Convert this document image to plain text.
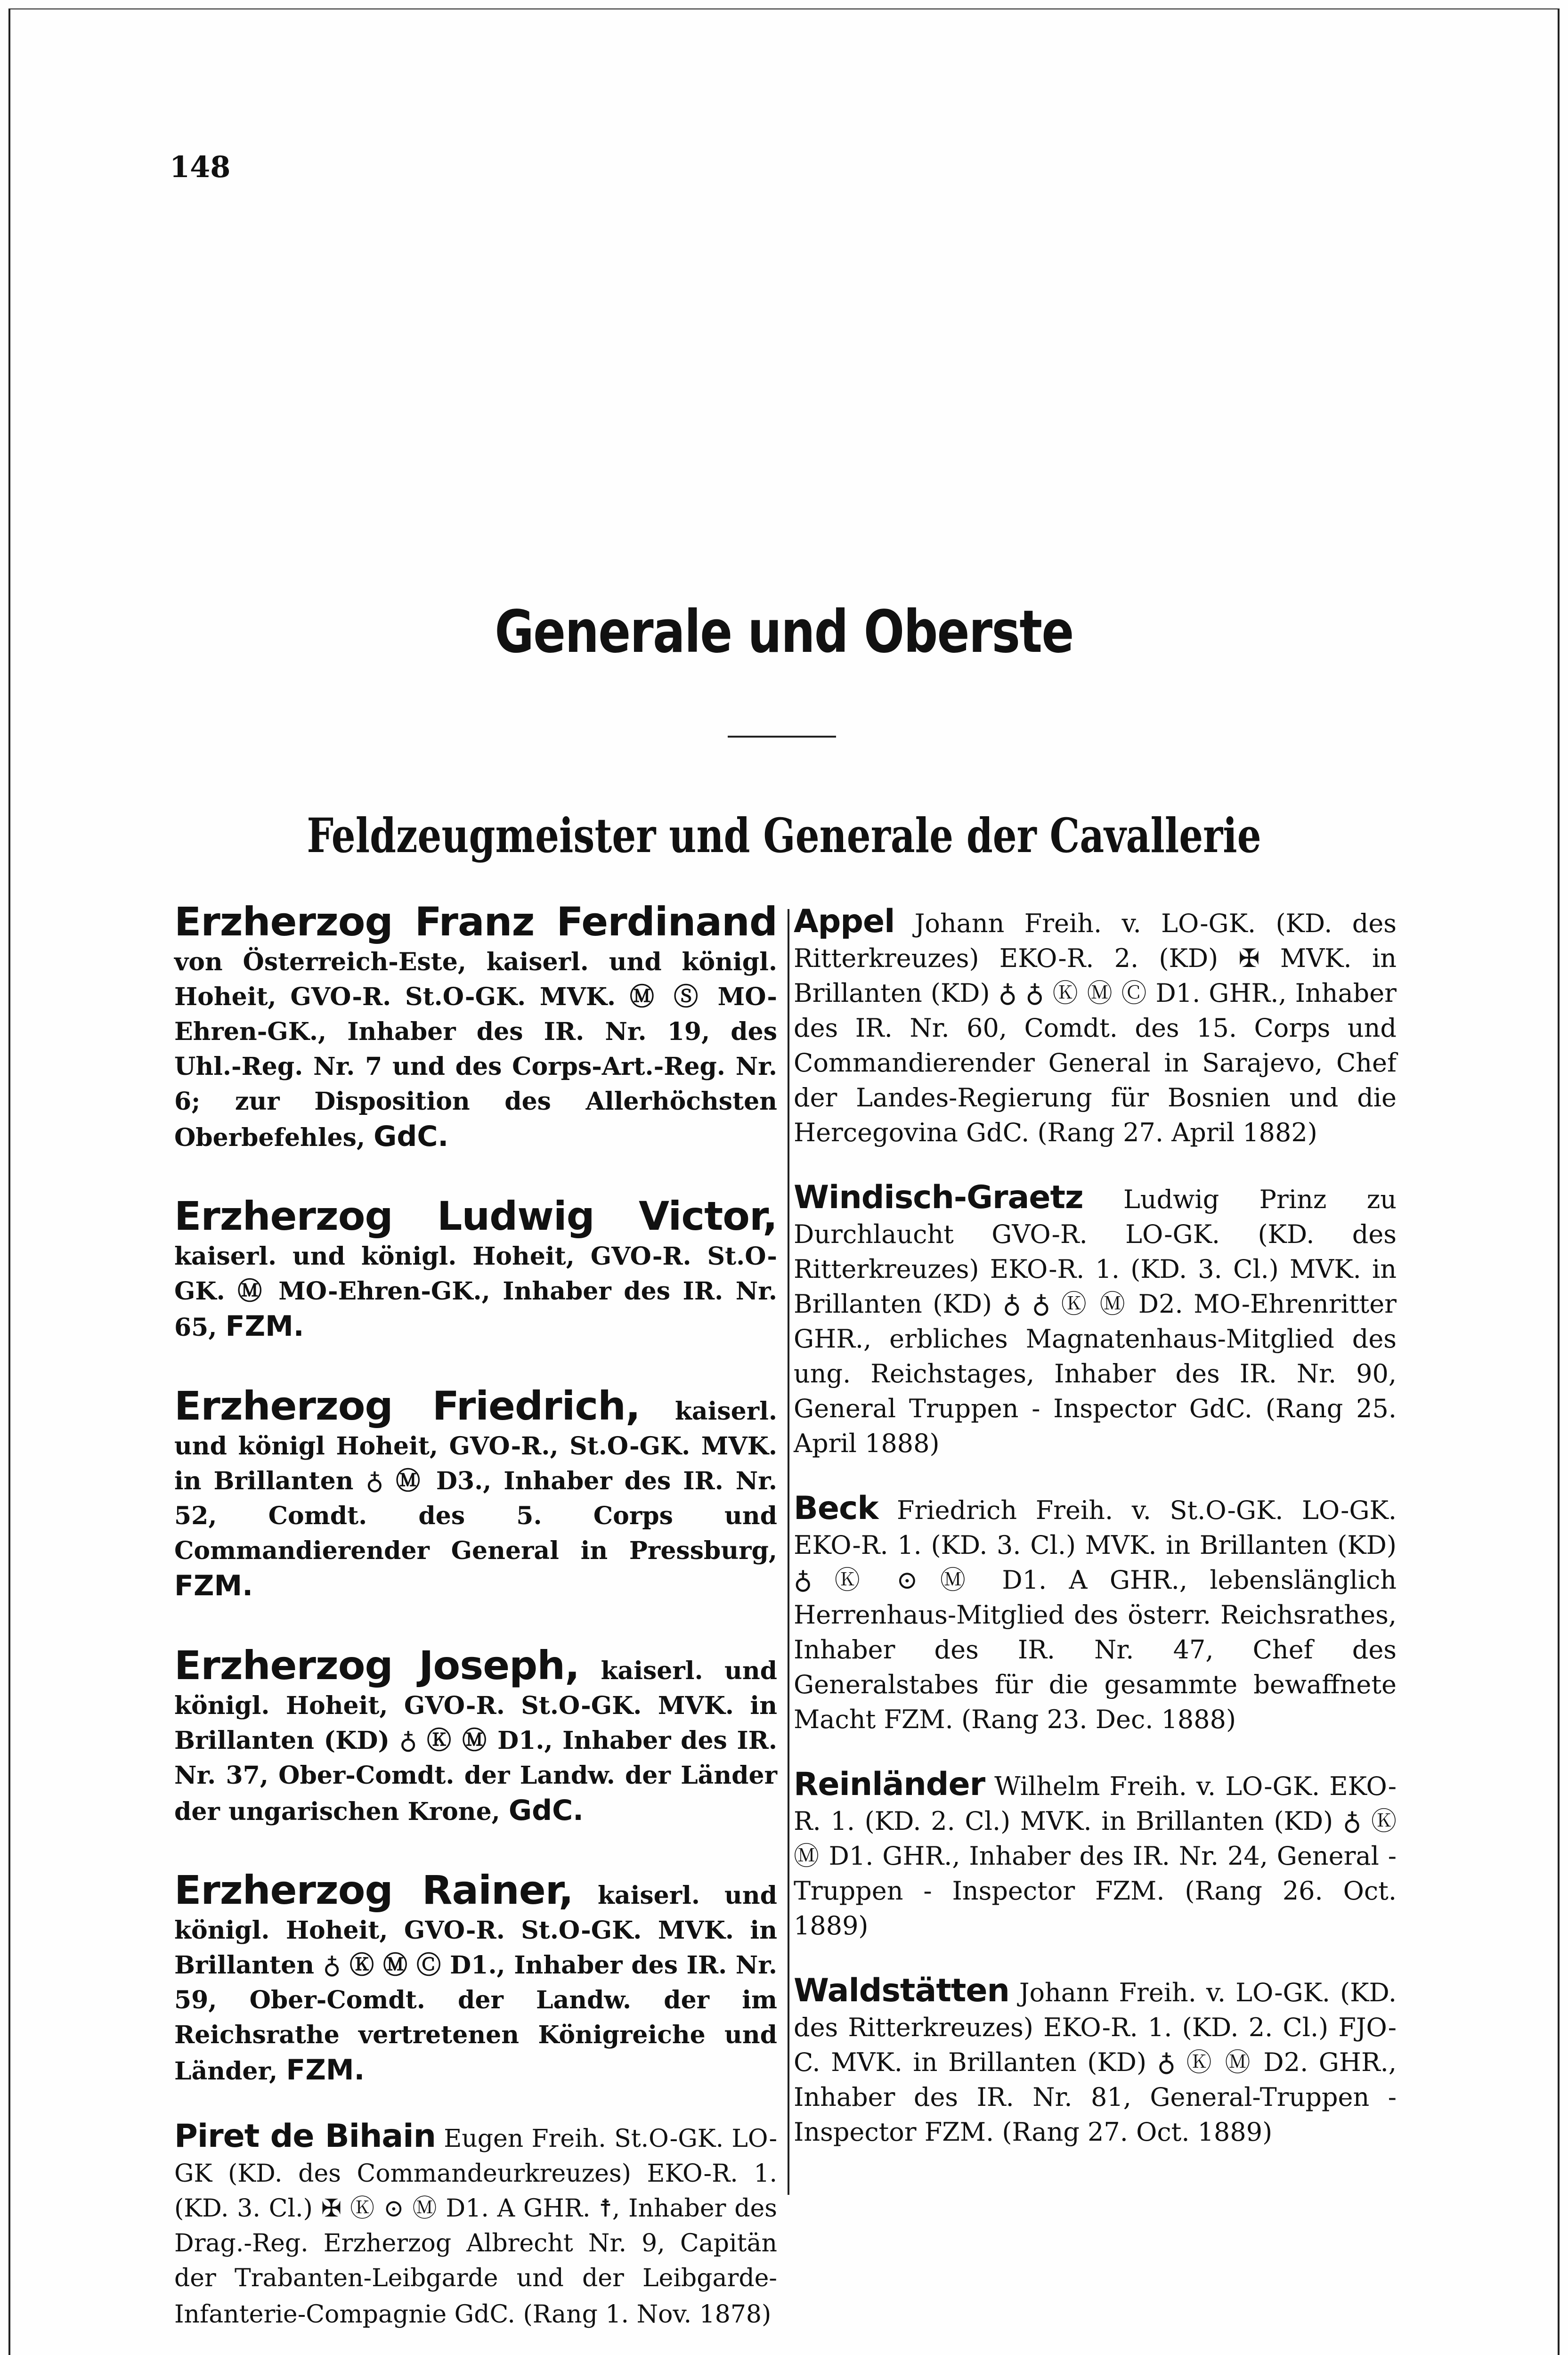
148
Generale und Oberste
Feldzeugmeister und Generale der Cavallerie

Erzherzog Franz Ferdinand von Österreich-Este, kaiserl. und königl. Hoheit, GVO-R. St.O-GK. MVK. Ⓜ Ⓢ MO-Ehren-GK., Inhaber des IR. Nr. 19, des Uhl.-Reg. Nr. 7 und des Corps-Art.-Reg. Nr. 6; zur Disposition des Allerhöchsten Oberbefehles, GdC.

Erzherzog Ludwig Victor, kaiserl. und königl. Hoheit, GVO-R. St.O-GK. Ⓜ MO-Ehren-GK., Inhaber des IR. Nr. 65, FZM.

Erzherzog Friedrich, kaiserl. und königl Hoheit, GVO-R., St.O-GK. MVK. in Brillanten ♁ Ⓜ D3., Inhaber des IR. Nr. 52, Comdt. des 5. Corps und Commandierender General in Pressburg, FZM.

Erzherzog Joseph, kaiserl. und königl. Hoheit, GVO-R. St.O-GK. MVK. in Brillanten (KD) ♁ Ⓚ Ⓜ D1., Inhaber des IR. Nr. 37, Ober-Comdt. der Landw. der Länder der ungarischen Krone, GdC.

Erzherzog Rainer, kaiserl. und königl. Hoheit, GVO-R. St.O-GK. MVK. in Brillanten ♁ Ⓚ Ⓜ Ⓒ D1., Inhaber des IR. Nr. 59, Ober-Comdt. der Landw. der im Reichsrathe vertretenen Königreiche und Länder, FZM.

Piret de Bihain Eugen Freih. St.O-GK. LO-GK (KD. des Commandeurkreuzes) EKO-R. 1. (KD. 3. Cl.) ✠ Ⓚ ⊙ Ⓜ D1. A GHR. ☨, Inhaber des Drag.-Reg. Erzherzog Albrecht Nr. 9, Capitän der Trabanten-Leibgarde und der Leibgarde-Infanterie-Compagnie GdC. (Rang 1. Nov. 1878)

Appel Johann Freih. v. LO-GK. (KD. des Ritterkreuzes) EKO-R. 2. (KD) ✠ MVK. in Brillanten (KD) ♁ ♁ Ⓚ Ⓜ Ⓒ D1. GHR., Inhaber des IR. Nr. 60, Comdt. des 15. Corps und Commandierender General in Sarajevo, Chef der Landes-Regierung für Bosnien und die Hercegovina GdC. (Rang 27. April 1882)

Windisch-Graetz Ludwig Prinz zu Durchlaucht GVO-R. LO-GK. (KD. des Ritterkreuzes) EKO-R. 1. (KD. 3. Cl.) MVK. in Brillanten (KD) ♁ ♁ Ⓚ Ⓜ D2. MO-Ehrenritter GHR., erbliches Magnatenhaus-Mitglied des ung. Reichstages, Inhaber des IR. Nr. 90, General Truppen - Inspector GdC. (Rang 25. April 1888)

Beck Friedrich Freih. v. St.O-GK. LO-GK. EKO-R. 1. (KD. 3. Cl.) MVK. in Brillanten (KD) ♁ Ⓚ ⊙ Ⓜ D1. A GHR., lebenslänglich Herrenhaus-Mitglied des österr. Reichsrathes, Inhaber des IR. Nr. 47, Chef des Generalstabes für die gesammte bewaffnete Macht FZM. (Rang 23. Dec. 1888)

Reinländer Wilhelm Freih. v. LO-GK. EKO-R. 1. (KD. 2. Cl.) MVK. in Brillanten (KD) ♁ Ⓚ Ⓜ D1. GHR., Inhaber des IR. Nr. 24, General - Truppen - Inspector FZM. (Rang 26. Oct. 1889)

Waldstätten Johann Freih. v. LO-GK. (KD. des Ritterkreuzes) EKO-R. 1. (KD. 2. Cl.) FJO-C. MVK. in Brillanten (KD) ♁ Ⓚ Ⓜ D2. GHR., Inhaber des IR. Nr. 81, General-Truppen - Inspector FZM. (Rang 27. Oct. 1889)
